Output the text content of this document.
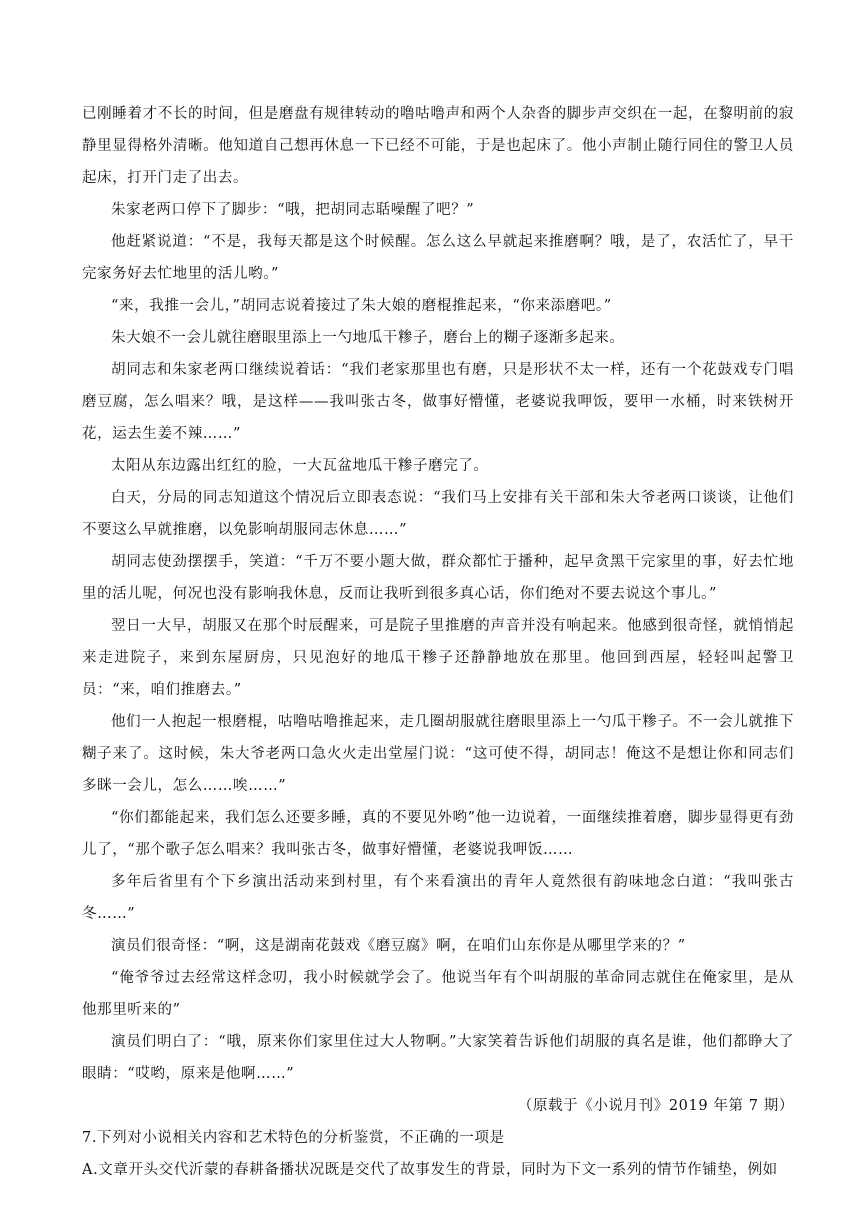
已刚睡着才不长的时间，但是磨盘有规律转动的噜咕噜声和两个人杂沓的脚步声交织在一起，在黎明前的寂静里显得格外清晰。他知道自己想再休息一下已经不可能，于是也起床了。他小声制止随行同住的警卫人员起床，打开门走了出去。

朱家老两口停下了脚步：“哦，把胡同志聒噪醒了吧？”

他赶紧说道：“不是，我每天都是这个时候醒。怎么这么早就起来推磨啊？哦，是了，农活忙了，早干完家务好去忙地里的活儿哟。”

“来，我推一会儿，”胡同志说着接过了朱大娘的磨棍推起来，“你来添磨吧。”

朱大娘不一会儿就往磨眼里添上一勺地瓜干糁子，磨台上的糊子逐渐多起来。

胡同志和朱家老两口继续说着话：“我们老家那里也有磨，只是形状不太一样，还有一个花鼓戏专门唱磨豆腐，怎么唱来？哦，是这样——我叫张古冬，做事好懵懂，老婆说我呷饭，要甲一水桶，时来铁树开花，运去生姜不辣……”

太阳从东边露出红红的脸，一大瓦盆地瓜干糁子磨完了。

白天，分局的同志知道这个情况后立即表态说：“我们马上安排有关干部和朱大爷老两口谈谈，让他们不要这么早就推磨，以免影响胡服同志休息……”

胡同志使劲摆摆手，笑道：“千万不要小题大做，群众都忙于播种，起早贪黑干完家里的事，好去忙地里的活儿呢，何况也没有影响我休息，反而让我听到很多真心话，你们绝对不要去说这个事儿。”

翌日一大早，胡服又在那个时辰醒来，可是院子里推磨的声音并没有响起来。他感到很奇怪，就悄悄起来走进院子，来到东屋厨房，只见泡好的地瓜干糁子还静静地放在那里。他回到西屋，轻轻叫起警卫员：“来，咱们推磨去。”

他们一人抱起一根磨棍，咕噜咕噜推起来，走几圈胡服就往磨眼里添上一勺瓜干糁子。不一会儿就推下糊子来了。这时候，朱大爷老两口急火火走出堂屋门说：“这可使不得，胡同志！俺这不是想让你和同志们多眯一会儿，怎么……唉……”

“你们都能起来，我们怎么还要多睡，真的不要见外哟”他一边说着，一面继续推着磨，脚步显得更有劲儿了，“那个歌子怎么唱来？我叫张古冬，做事好懵懂，老婆说我呷饭……

多年后省里有个下乡演出活动来到村里，有个来看演出的青年人竟然很有韵味地念白道：“我叫张古冬……”

演员们很奇怪：“啊，这是湖南花鼓戏《磨豆腐》啊，在咱们山东你是从哪里学来的？”

“俺爷爷过去经常这样念叨，我小时候就学会了。他说当年有个叫胡服的革命同志就住在俺家里，是从他那里听来的”

演员们明白了：“哦，原来你们家里住过大人物啊。”大家笑着告诉他们胡服的真名是谁，他们都睁大了眼睛：“哎哟，原来是他啊……”

（原载于《小说月刊》2019 年第 7 期）

7.下列对小说相关内容和艺术特色的分析鉴赏，不正确的一项是

A.文章开头交代沂蒙的春耕备播状况既是交代了故事发生的背景，同时为下文一系列的情节作铺垫，例如
